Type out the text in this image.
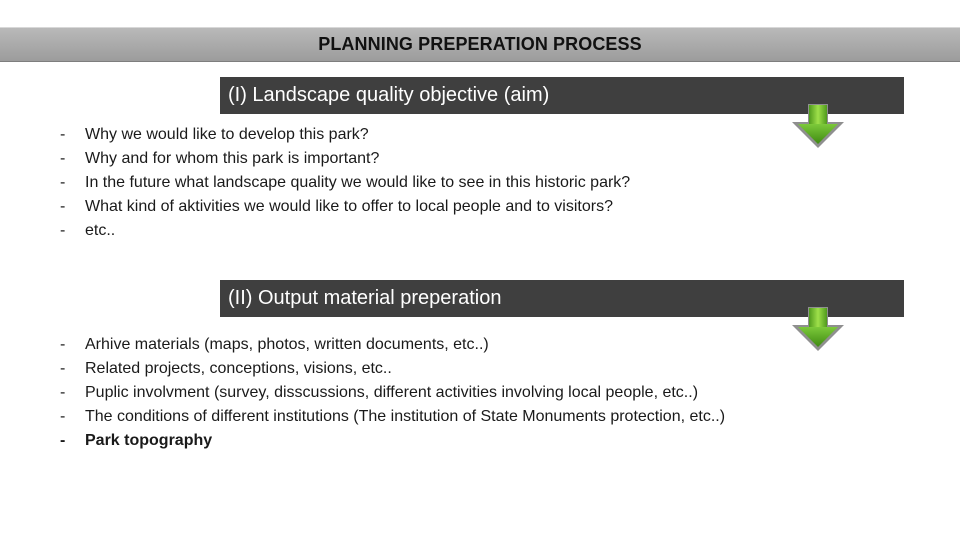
PLANNING PREPERATION PROCESS
(I) Landscape quality objective (aim)
- Why we would like to develop this park?
- Why and for whom this park is important?
- In the future what landscape quality we would like to see in this historic park?
- What kind of aktivities we would like to offer to local people and to visitors?
- etc..
(II) Output material preperation
- Arhive materials (maps, photos, written documents, etc..)
- Related projects, conceptions, visions, etc..
- Puplic involvment (survey, disscussions, different activities involving local people, etc..)
- The conditions of different institutions (The institution of State Monuments protection, etc..)
- Park topography
